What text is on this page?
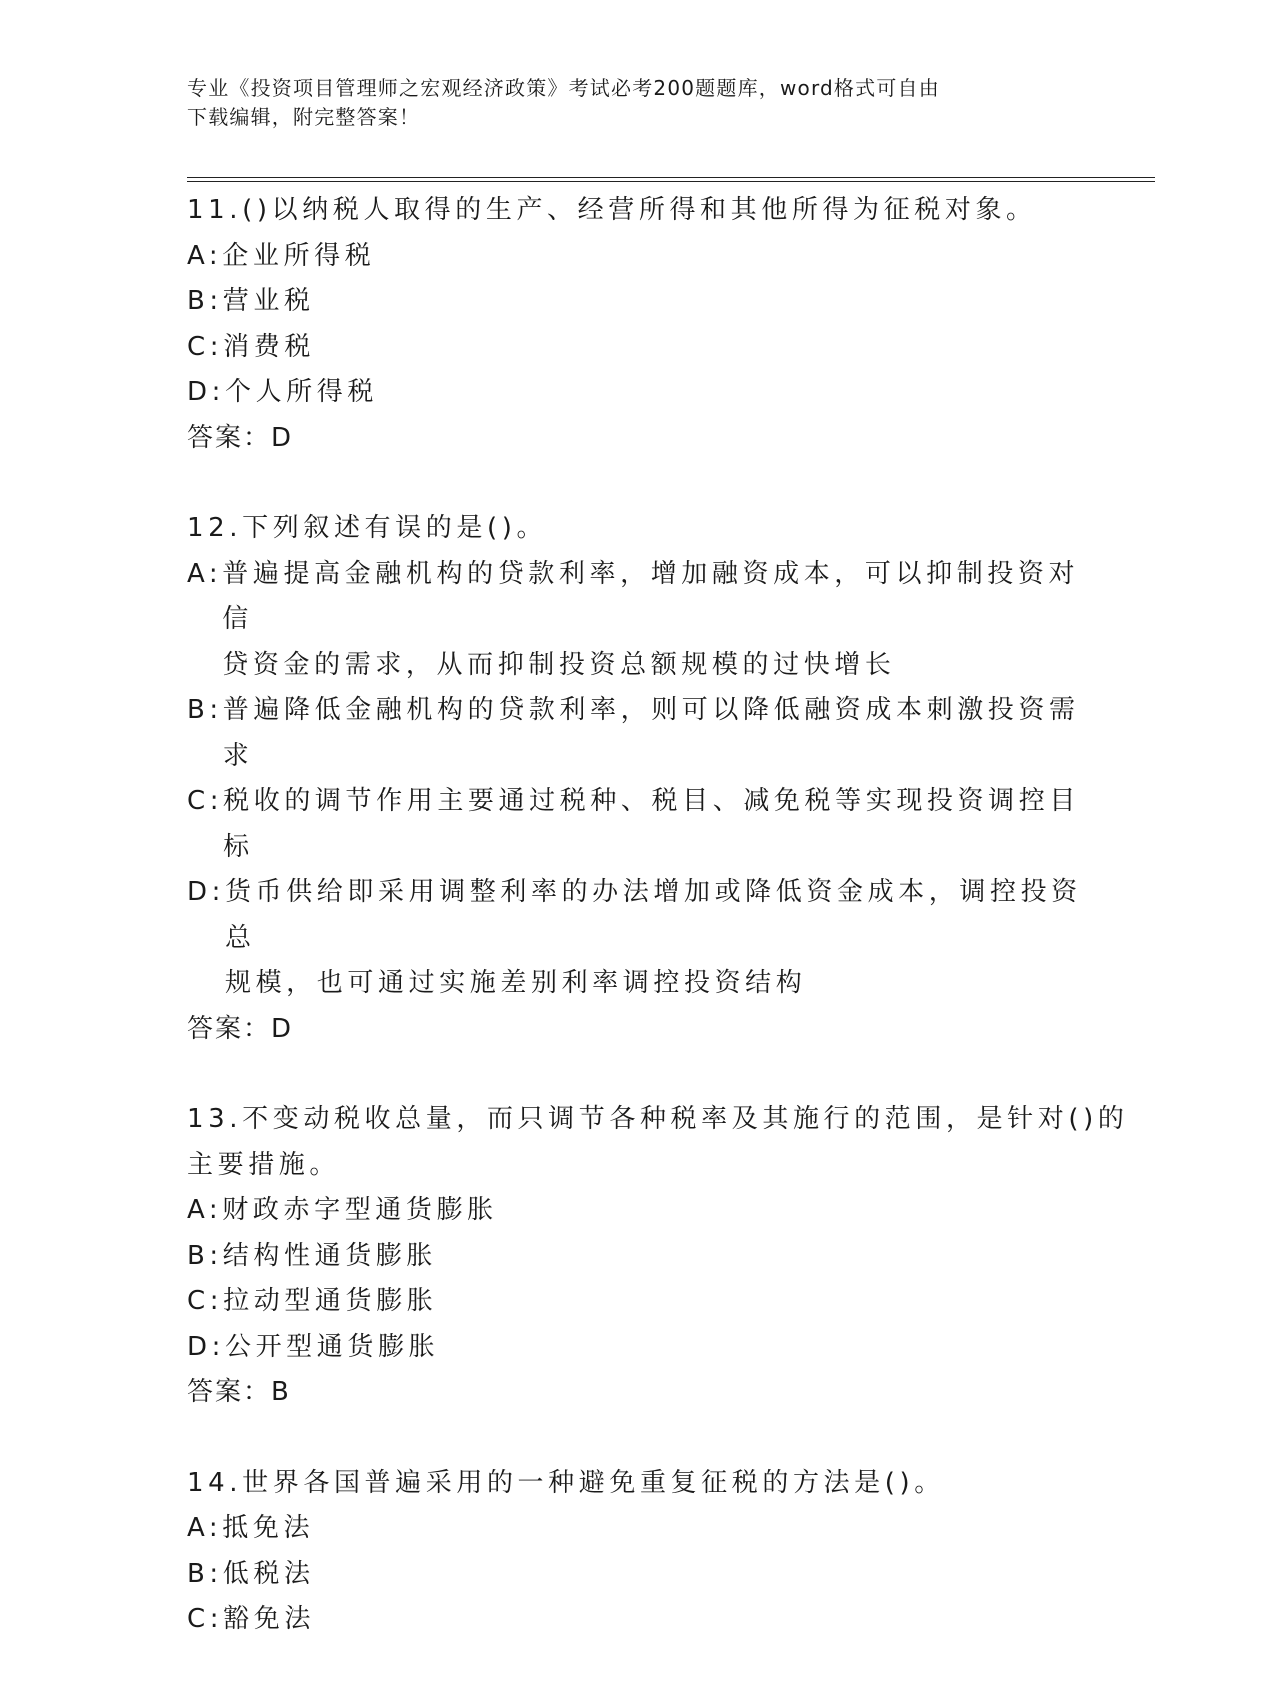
专业《投资项目管理师之宏观经济政策》考试必考200题题库，word格式可自由
下载编辑，附完整答案！
11.()以纳税人取得的生产、经营所得和其他所得为征税对象。
A: 企业所得税
B: 营业税
C: 消费税
D: 个人所得税
答案：D
12.下列叙述有误的是()。
A: 普遍提高金融机构的贷款利率，增加融资成本，可以抑制投资对信
贷资金的需求，从而抑制投资总额规模的过快增长
B: 普遍降低金融机构的贷款利率，则可以降低融资成本刺激投资需求
C: 税收的调节作用主要通过税种、税目、减免税等实现投资调控目标
D: 货币供给即采用调整利率的办法增加或降低资金成本，调控投资总
规模，也可通过实施差别利率调控投资结构
答案：D
13.不变动税收总量，而只调节各种税率及其施行的范围，是针对()的
主要措施。
A: 财政赤字型通货膨胀
B: 结构性通货膨胀
C: 拉动型通货膨胀
D: 公开型通货膨胀
答案：B
14.世界各国普遍采用的一种避免重复征税的方法是()。
A: 抵免法
B: 低税法
C: 豁免法
